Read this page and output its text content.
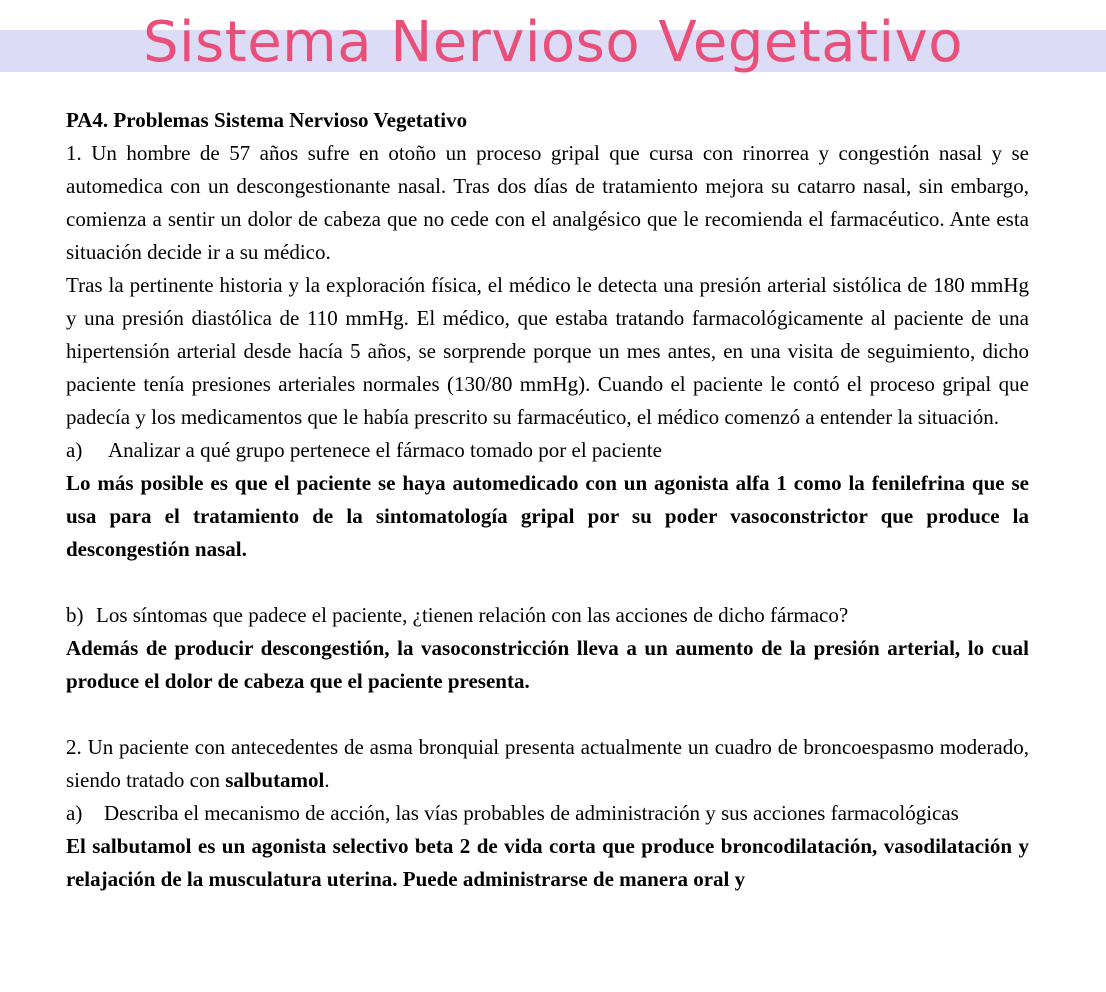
Sistema Nervioso Vegetativo

PA4. Problemas Sistema Nervioso Vegetativo

1. Un hombre de 57 años sufre en otoño un proceso gripal que cursa con rinorrea y congestión nasal y se automedica con un descongestionante nasal. Tras dos días de tratamiento mejora su catarro nasal, sin embargo, comienza a sentir un dolor de cabeza que no cede con el analgésico que le recomienda el farmacéutico. Ante esta situación decide ir a su médico.

Tras la pertinente historia y la exploración física, el médico le detecta una presión arterial sistólica de 180 mmHg y una presión diastólica de 110 mmHg. El médico, que estaba tratando farmacológicamente al paciente de una hipertensión arterial desde hacía 5 años, se sorprende porque un mes antes, en una visita de seguimiento, dicho paciente tenía presiones arteriales normales (130/80 mmHg). Cuando el paciente le contó el proceso gripal que padecía y los medicamentos que le había prescrito su farmacéutico, el médico comenzó a entender la situación.

a)	Analizar a qué grupo pertenece el fármaco tomado por el paciente

Lo más posible es que el paciente se haya automedicado con un agonista alfa 1 como la fenilefrina que se usa para el tratamiento de la sintomatología gripal por su poder vasoconstrictor que produce la descongestión nasal.

b) Los síntomas que padece el paciente, ¿tienen relación con las acciones de dicho fármaco?

Además de producir descongestión, la vasoconstricción lleva a un aumento de la presión arterial, lo cual produce el dolor de cabeza que el paciente presenta.

2. Un paciente con antecedentes de asma bronquial presenta actualmente un cuadro de broncoespasmo moderado, siendo tratado con salbutamol.

a)	Describa el mecanismo de acción, las vías probables de administración y sus acciones farmacológicas

El salbutamol es un agonista selectivo beta 2 de vida corta que produce broncodilatación, vasodilatación y relajación de la musculatura uterina. Puede administrarse de manera oral y
